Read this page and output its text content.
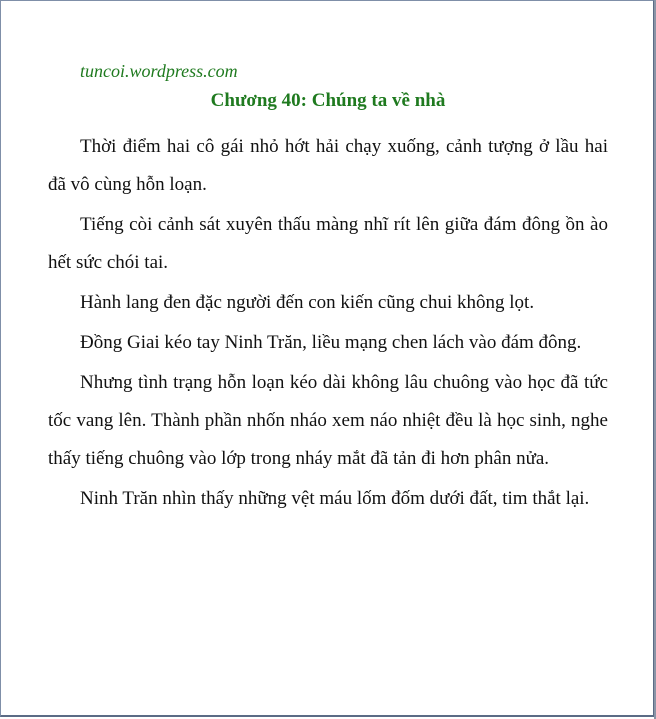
tuncoi.wordpress.com
Chương 40: Chúng ta về nhà

Thời điểm hai cô gái nhỏ hớt hải chạy xuống, cảnh tượng ở lầu hai đã vô cùng hỗn loạn.

Tiếng còi cảnh sát xuyên thấu màng nhĩ rít lên giữa đám đông ồn ào hết sức chói tai.

Hành lang đen đặc người đến con kiến cũng chui không lọt.

Đồng Giai kéo tay Ninh Trăn, liều mạng chen lách vào đám đông.

Nhưng tình trạng hỗn loạn kéo dài không lâu chuông vào học đã tức tốc vang lên. Thành phần nhốn nháo xem náo nhiệt đều là học sinh, nghe thấy tiếng chuông vào lớp trong nháy mắt đã tản đi hơn phân nửa.

Ninh Trăn nhìn thấy những vệt máu lốm đốm dưới đất, tim thắt lại.
